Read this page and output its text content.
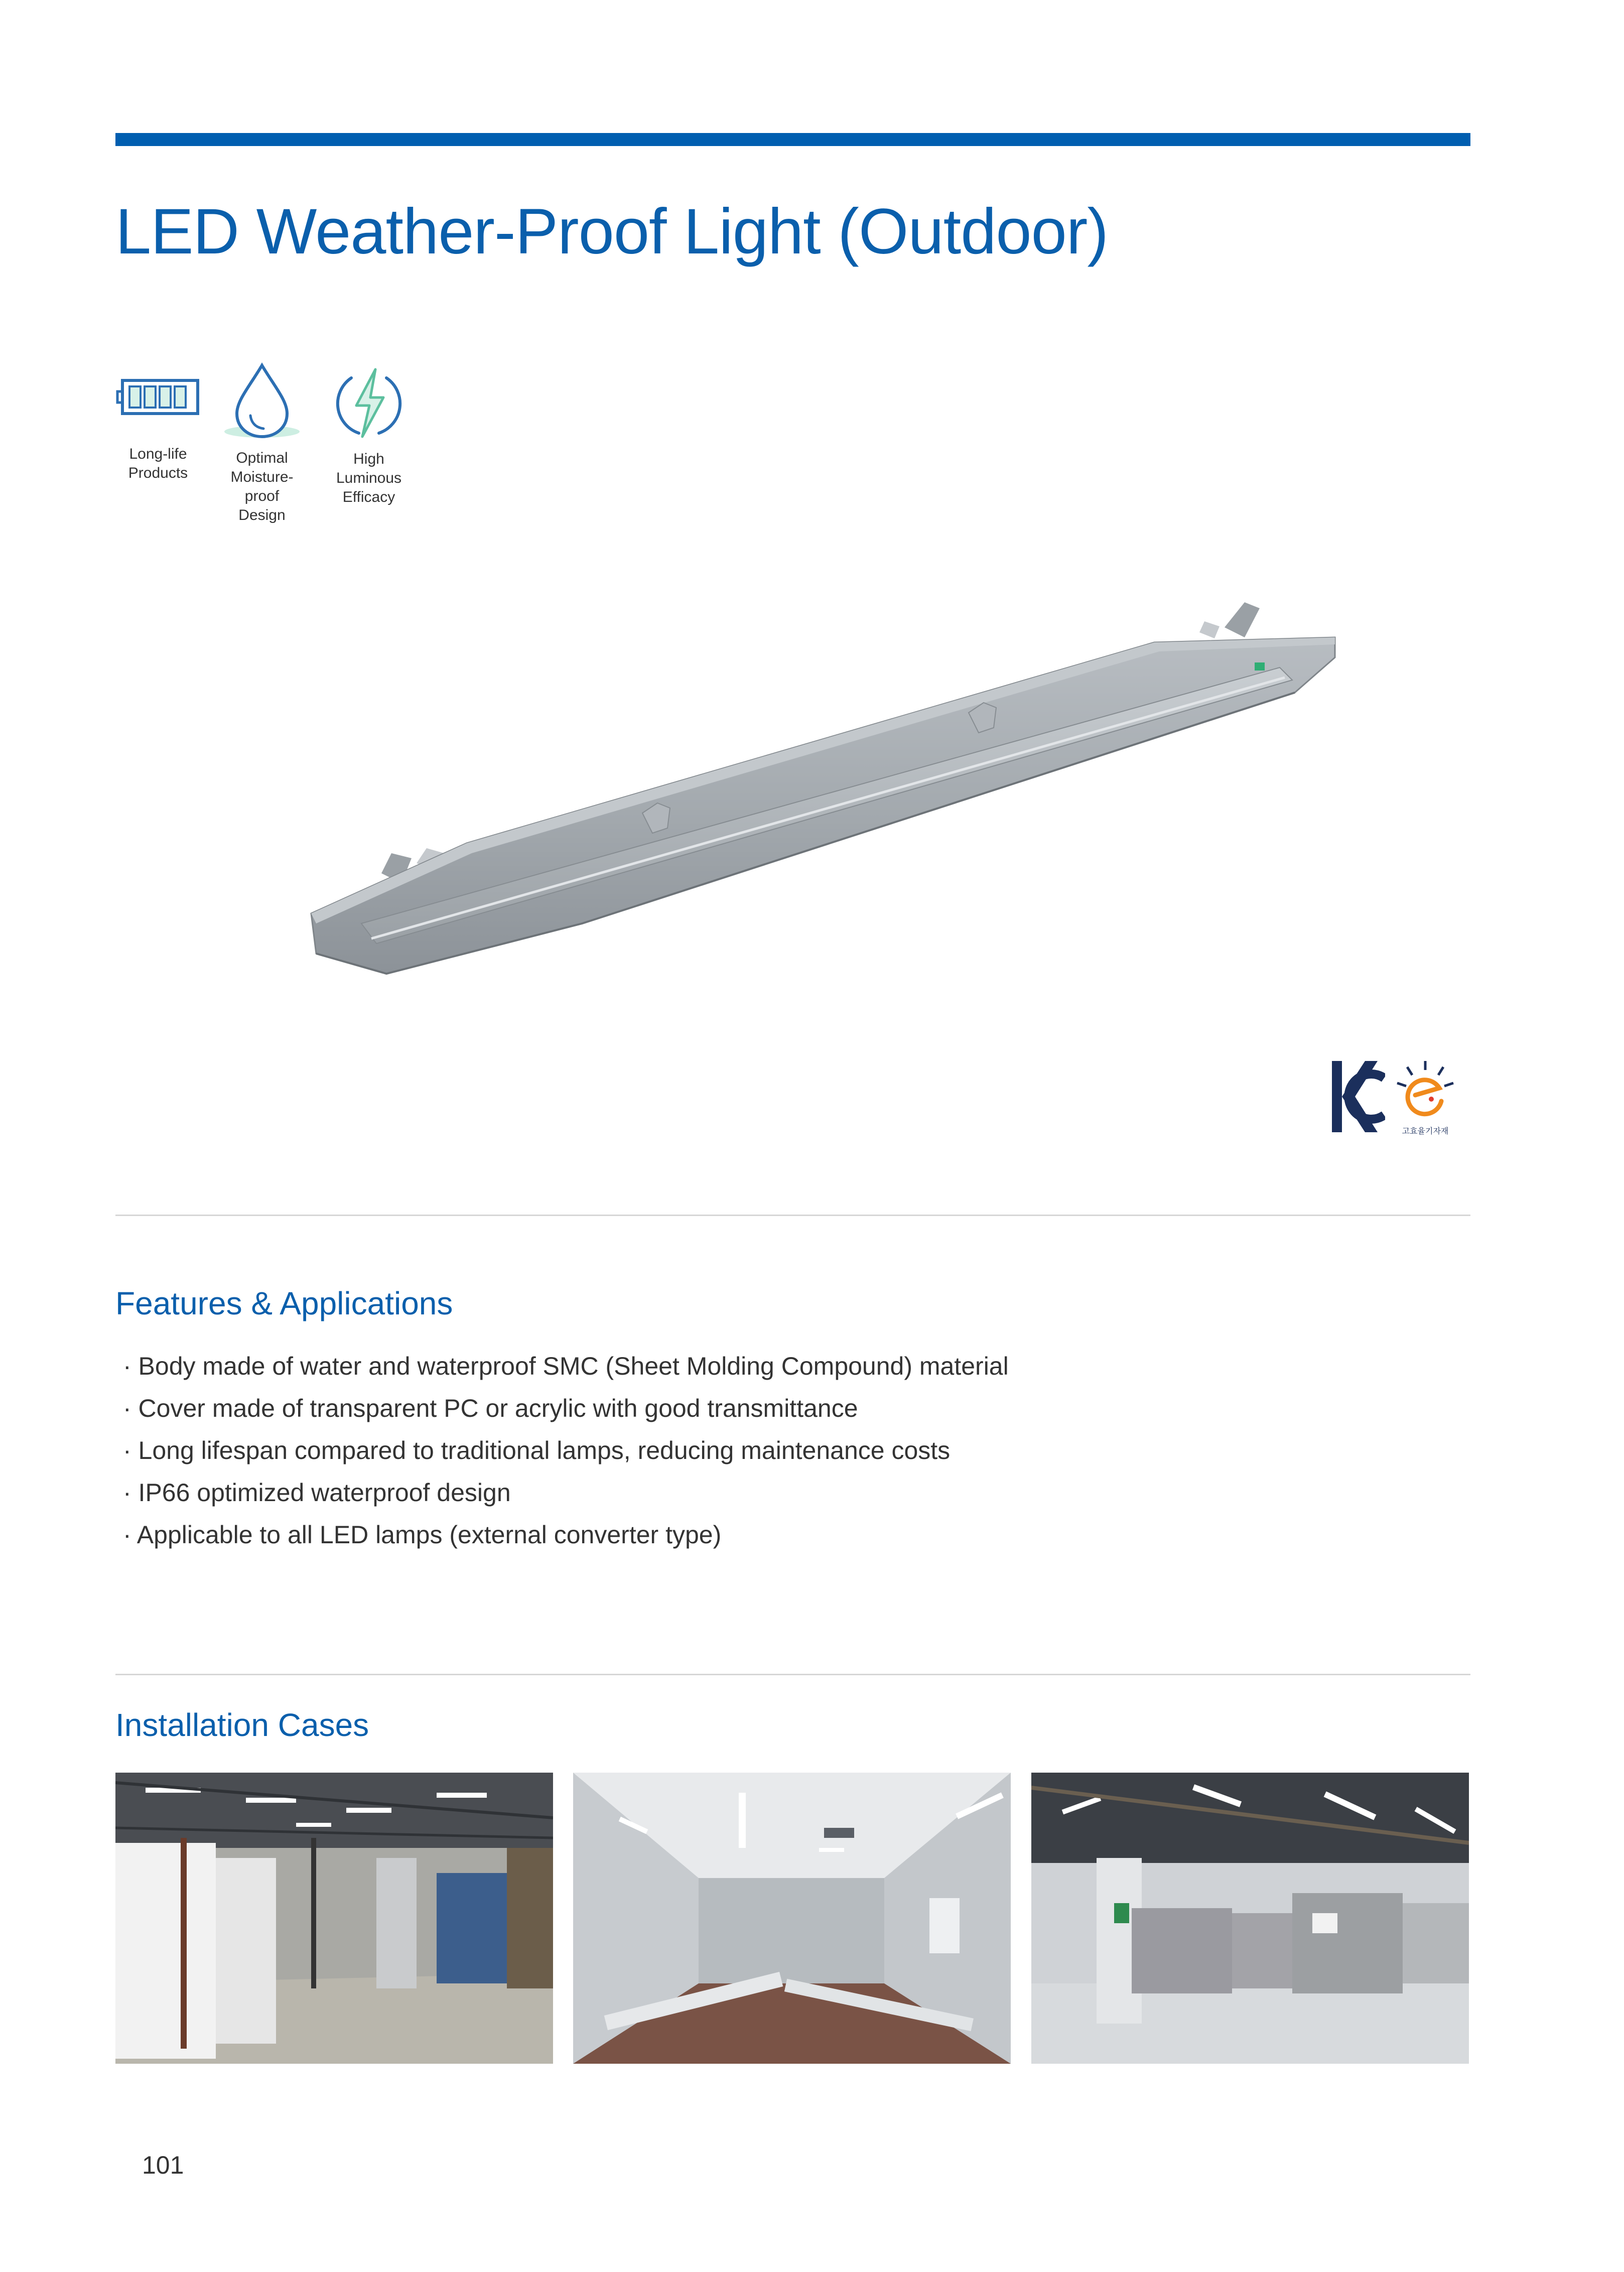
LED Weather-Proof Light (Outdoor)
Long-life
Products
Optimal
Moisture-
proof
Design
High
Luminous
Efficacy
고효율기자재
Features & Applications
· Body made of water and waterproof SMC (Sheet Molding Compound) material
· Cover made of transparent PC or acrylic with good transmittance
· Long lifespan compared to traditional lamps, reducing maintenance costs
· IP66 optimized waterproof design
· Applicable to all LED lamps (external converter type)
Installation Cases
101
